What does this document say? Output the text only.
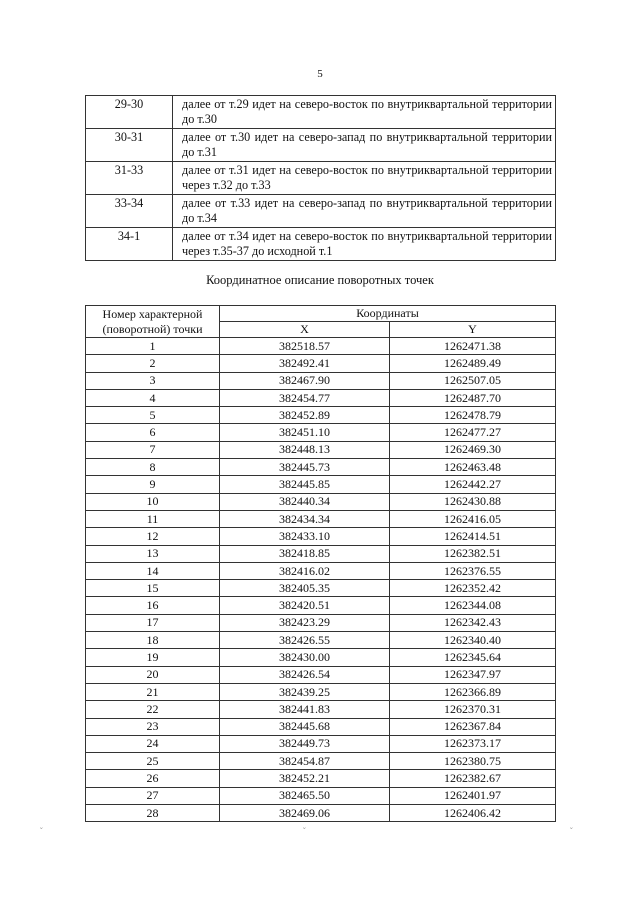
5
29-30	далее от т.29 идет на северо-восток по внутриквартальной территории до т.30
30-31	далее от т.30 идет на северо-запад по внутриквартальной территории до т.31
31-33	далее от т.31 идет на северо-восток по внутриквартальной территории через т.32 до т.33
33-34	далее от т.33 идет на северо-запад по внутриквартальной территории до т.34
34-1	далее от т.34 идет на северо-восток по внутриквартальной территории через т.35-37 до исходной т.1
Координатное описание поворотных точек
Номер характерной (поворотной) точки	Координаты	
	X	Y
1	382518.57	1262471.38
2	382492.41	1262489.49
3	382467.90	1262507.05
4	382454.77	1262487.70
5	382452.89	1262478.79
6	382451.10	1262477.27
7	382448.13	1262469.30
8	382445.73	1262463.48
9	382445.85	1262442.27
10	382440.34	1262430.88
11	382434.34	1262416.05
12	382433.10	1262414.51
13	382418.85	1262382.51
14	382416.02	1262376.55
15	382405.35	1262352.42
16	382420.51	1262344.08
17	382423.29	1262342.43
18	382426.55	1262340.40
19	382430.00	1262345.64
20	382426.54	1262347.97
21	382439.25	1262366.89
22	382441.83	1262370.31
23	382445.68	1262367.84
24	382449.73	1262373.17
25	382454.87	1262380.75
26	382452.21	1262382.67
27	382465.50	1262401.97
28	382469.06	1262406.42
˘	˘	˘
